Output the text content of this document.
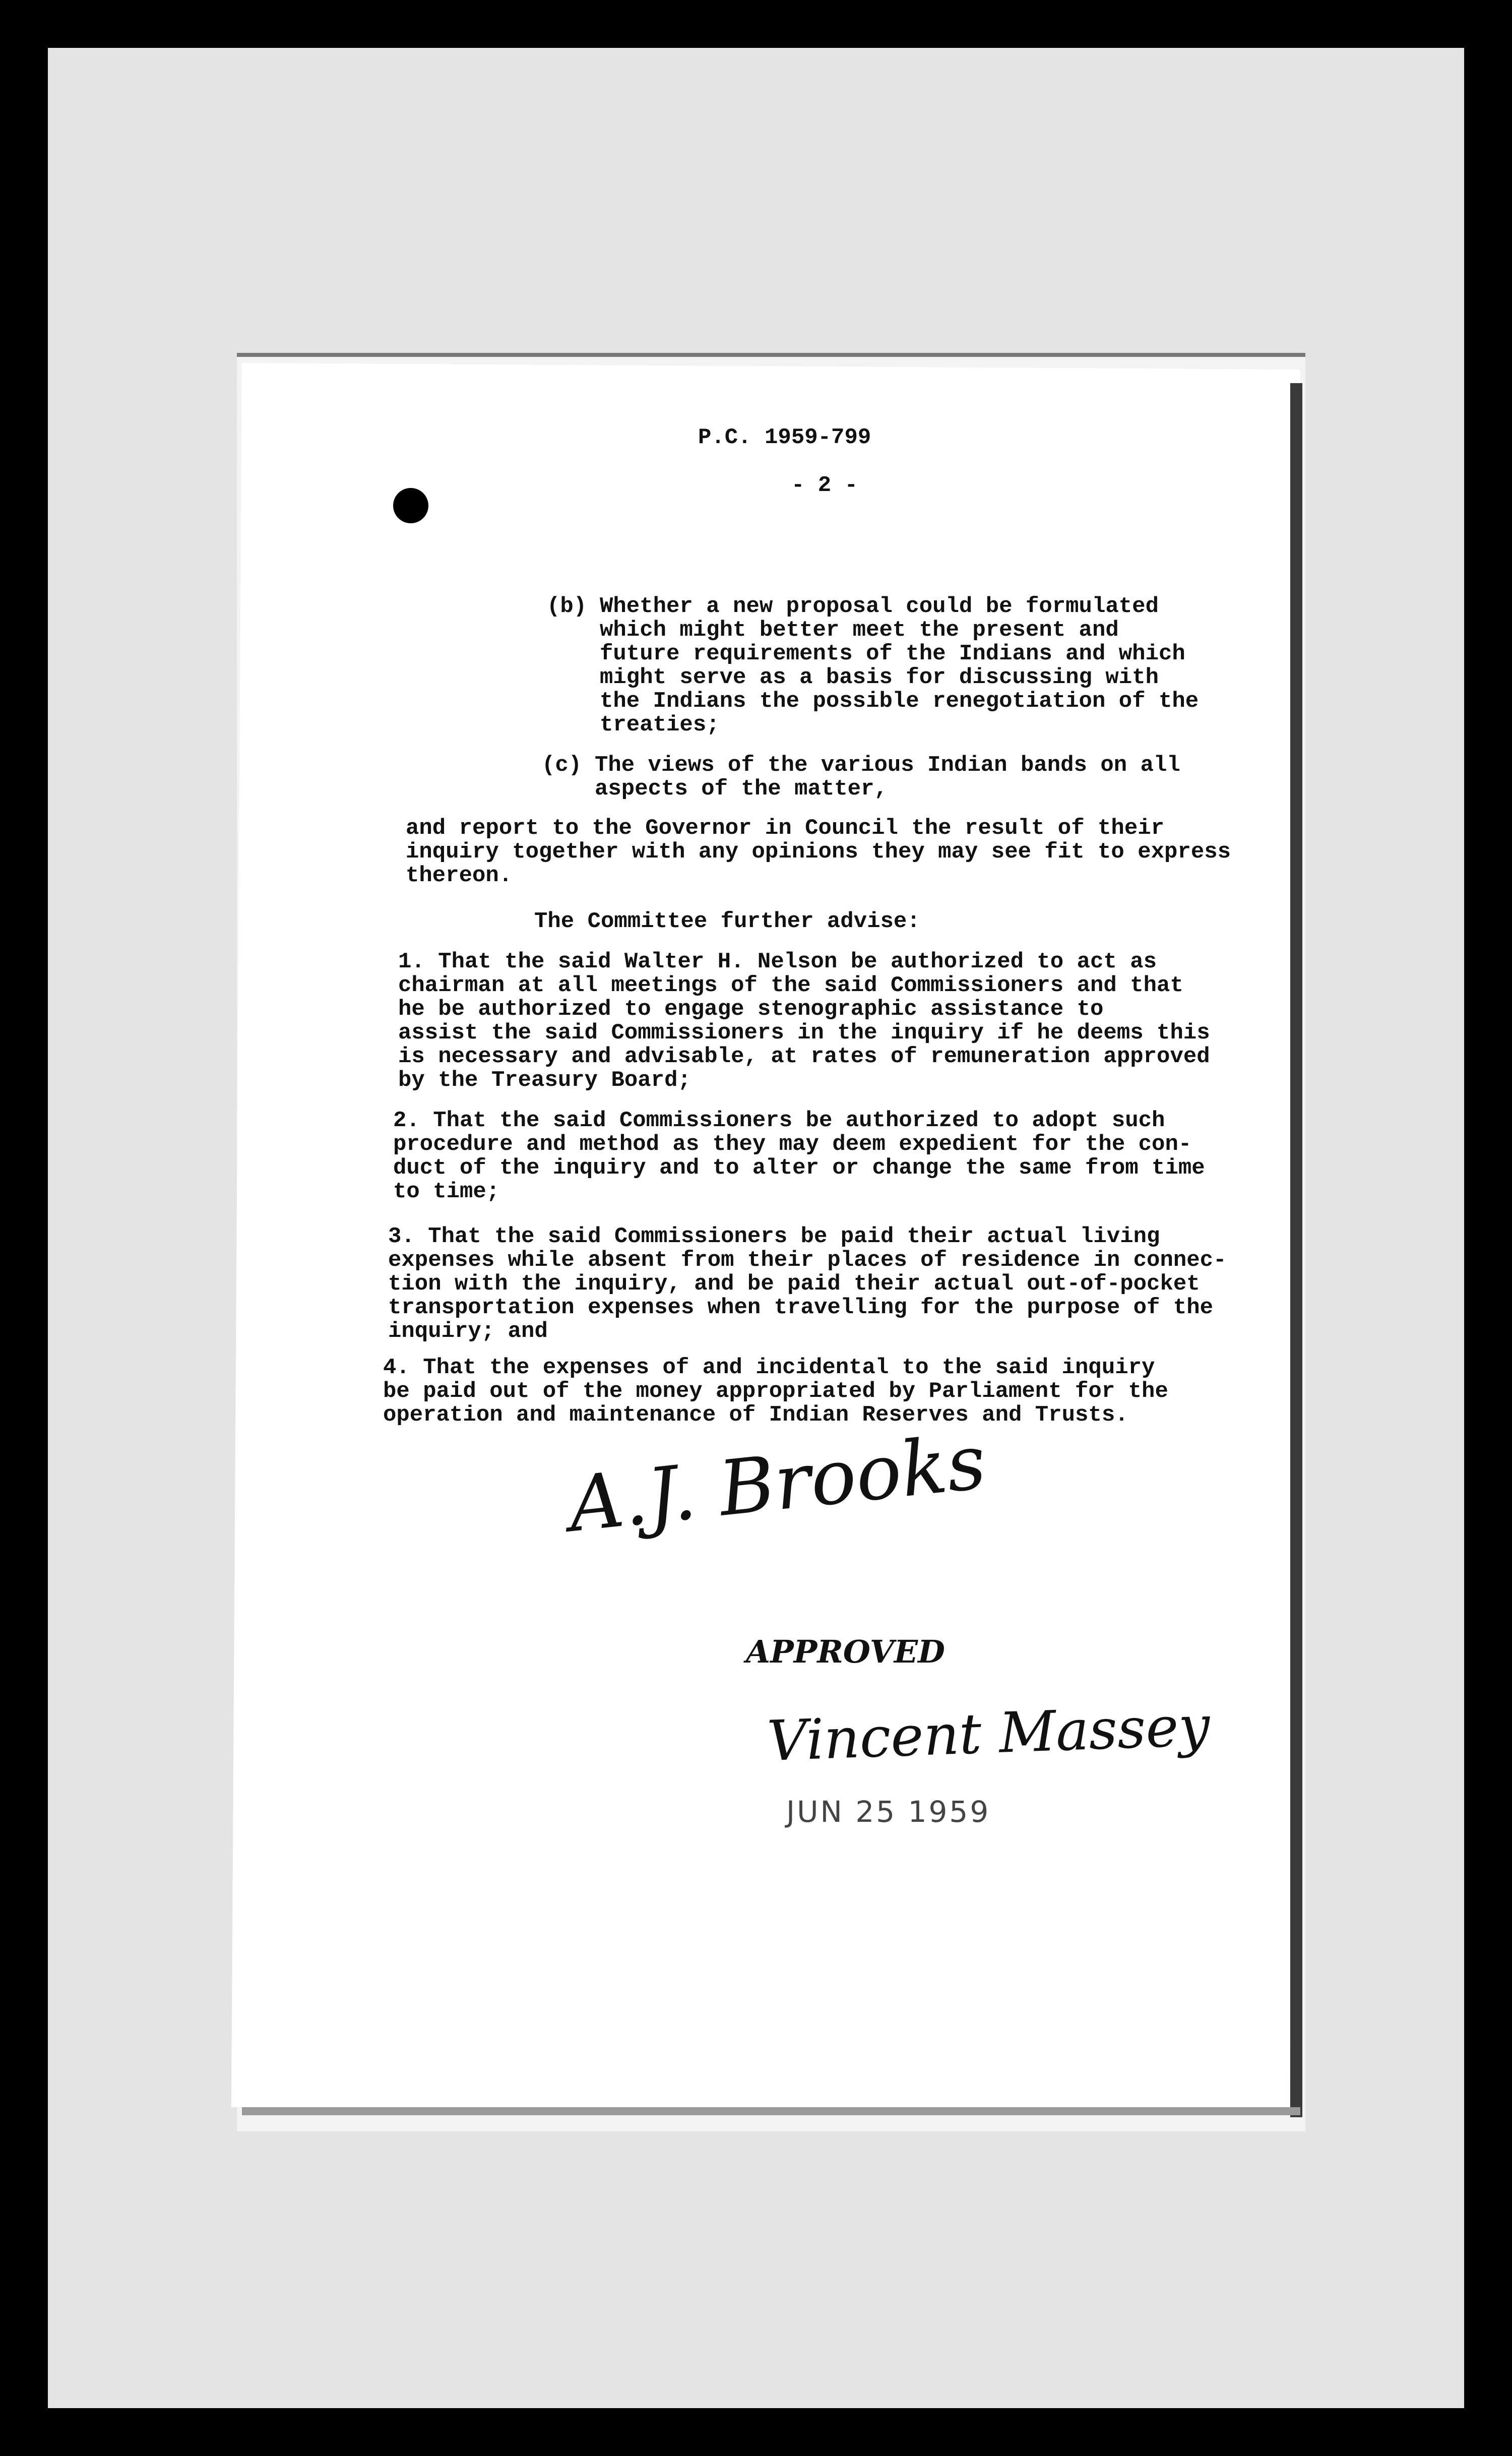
P.C. 1959-799

- 2 -

(b) Whether a new proposal could be formulated

which might better meet the present and

future requirements of the Indians and which

might serve as a basis for discussing with

the Indians the possible renegotiation of the

treaties;

(c) The views of the various Indian bands on all

aspects of the matter,

and report to the Governor in Council the result of their

inquiry together with any opinions they may see fit to express

thereon.

The Committee further advise:

1. That the said Walter H. Nelson be authorized to act as

chairman at all meetings of the said Commissioners and that

he be authorized to engage stenographic assistance to

assist the said Commissioners in the inquiry if he deems this

is necessary and advisable, at rates of remuneration approved

by the Treasury Board;

2. That the said Commissioners be authorized to adopt such

procedure and method as they may deem expedient for the con-

duct of the inquiry and to alter or change the same from time

to time;

3. That the said Commissioners be paid their actual living

expenses while absent from their places of residence in connec-

tion with the inquiry, and be paid their actual out-of-pocket

transportation expenses when travelling for the purpose of the

inquiry; and

4. That the expenses of and incidental to the said inquiry

be paid out of the money appropriated by Parliament for the

operation and maintenance of Indian Reserves and Trusts.

A.J. Brooks

APPROVED

Vincent Massey

JUN 25 1959
